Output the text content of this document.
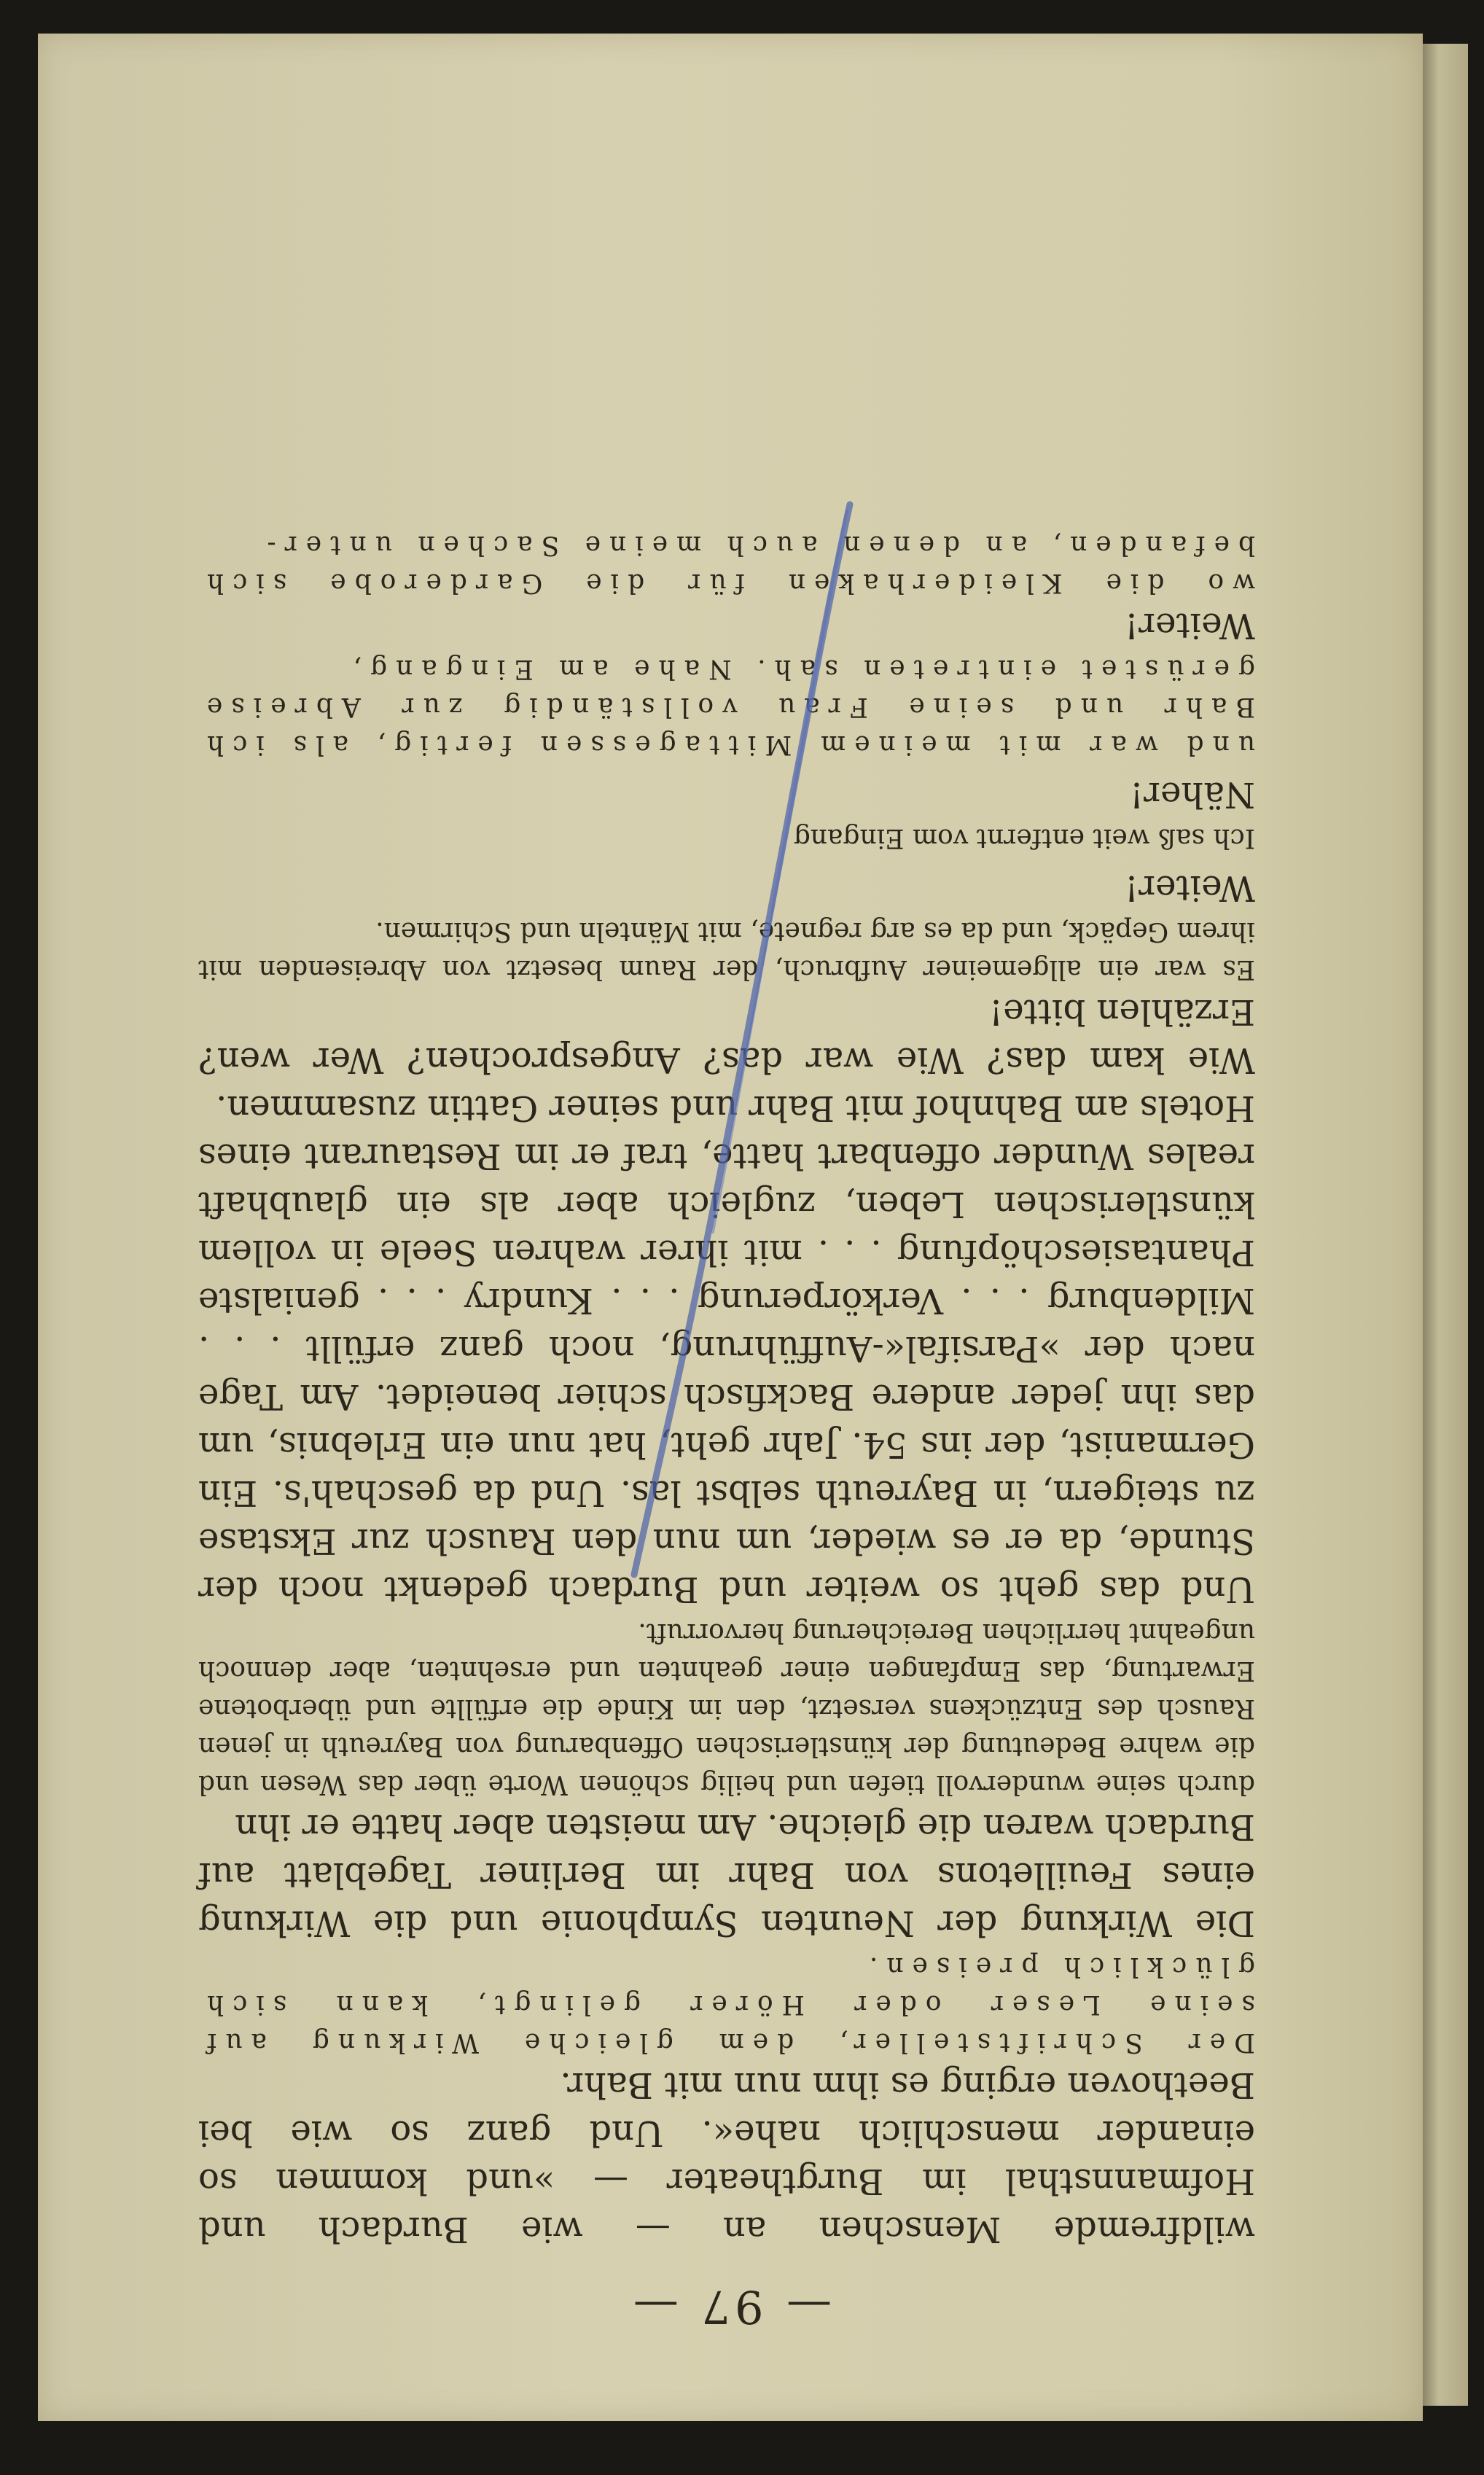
— 97 —

wildfremde Menschen an — wie Burdach und Hofmannsthal im Burgtheater — »und kommen so einander menschlich nahe«. Und ganz so wie bei Beethoven erging es ihm nun mit Bahr.

Der Schriftsteller, dem gleiche Wirkung auf seine Leser oder Hörer gelingt, kann sich glücklich preisen.

Die Wirkung der Neunten Symphonie und die Wirkung eines Feuilletons von Bahr im Berliner Tageblatt auf Burdach waren die gleiche. Am meisten aber hatte er ihn

durch seine wundervoll tiefen und heilig schönen Worte über das Wesen und die wahre Bedeutung der künstlerischen Offenbarung von Bayreuth in jenen Rausch des Entzückens versetzt, den im Kinde die erfüllte und überbotene Erwartung, das Empfangen einer geahnten und ersehnten, aber dennoch ungeahnt herrlichen Bereicherung hervorruft.

Und das geht so weiter und Burdach gedenkt noch der Stunde, da er es wieder, um nun den Rausch zur Ekstase zu steigern, in Bayreuth selbst las. Und da geschah's. Ein Germanist, der ins 54. Jahr geht, hat nun ein Erlebnis, um das ihn jeder andere Backfisch schier beneidet. Am Tage nach der »Parsifal«-Aufführung, noch ganz erfüllt . . . Mildenburg . . . Verkörperung . . . Kundry . . . genialste Phantasieschöpfung . . . mit ihrer wahren Seele in vollem künstlerischen Leben, zugleich aber als ein glaubhaft reales Wunder offenbart hatte, traf er im Restaurant eines Hotels am Bahnhof mit Bahr und seiner Gattin zusammen.

Wie kam das? Wie war das? Angesprochen? Wer wen? Erzählen bitte!

Es war ein allgemeiner Aufbruch, der Raum besetzt von Abreisenden mit ihrem Gepäck, und da es arg regnete, mit Mänteln und Schirmen.

Weiter!

Ich saß weit entfernt vom Eingang

Näher!

und war mit meinem Mittagessen fertig, als ich Bahr und seine Frau vollständig zur Abreise gerüstet eintreten sah. Nahe am Eingang,

Weiter!

wo die Kleiderhaken für die Garderobe sich befanden, an denen auch meine Sachen unter-
